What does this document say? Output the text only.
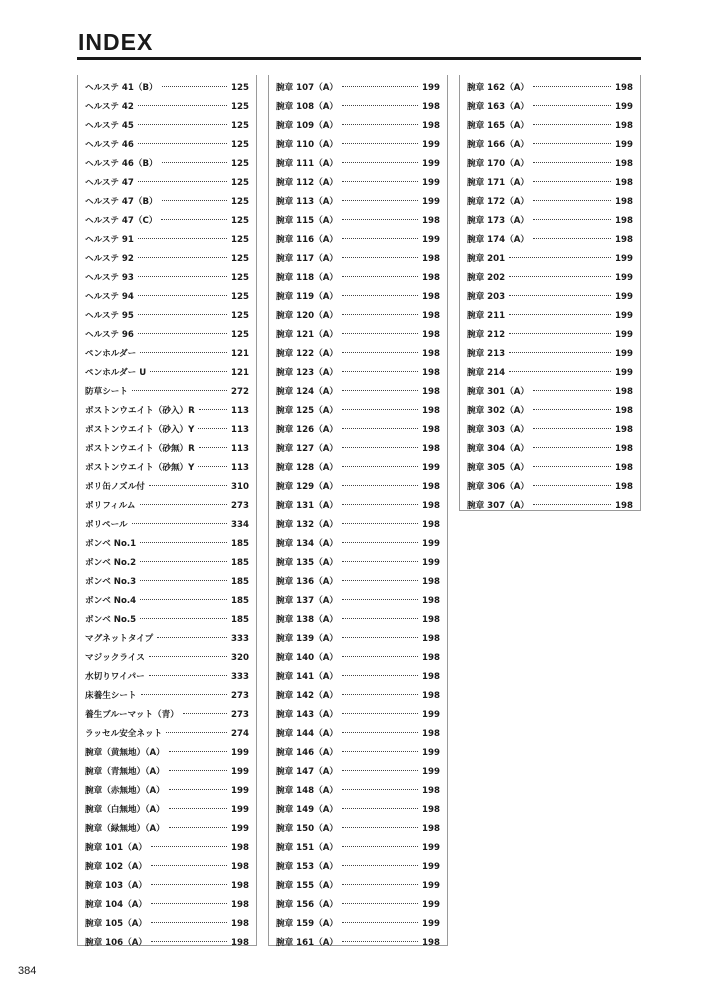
INDEX
ヘルステ 41（B）	125
ヘルステ 42	125
ヘルステ 45	125
ヘルステ 46	125
ヘルステ 46（B）	125
ヘルステ 47	125
ヘルステ 47（B）	125
ヘルステ 47（C）	125
ヘルステ 91	125
ヘルステ 92	125
ヘルステ 93	125
ヘルステ 94	125
ヘルステ 95	125
ヘルステ 96	125
ペンホルダー	121
ペンホルダー U	121
防草シート	272
ボストンウエイト（砂入）R	113
ボストンウエイト（砂入）Y	113
ボストンウエイト（砂無）R	113
ボストンウエイト（砂無）Y	113
ポリ缶ノズル付	310
ポリフィルム	273
ポリペール	334
ボンベ No.1	185
ボンベ No.2	185
ボンベ No.3	185
ボンベ No.4	185
ボンベ No.5	185
マグネットタイプ	333
マジックライス	320
水切りワイパー	333
床養生シート	273
養生ブルーマット（青）	273
ラッセル安全ネット	274
腕章（黄無地）（A）	199
腕章（青無地）（A）	199
腕章（赤無地）（A）	199
腕章（白無地）（A）	199
腕章（緑無地）（A）	199
腕章 101（A）	198
腕章 102（A）	198
腕章 103（A）	198
腕章 104（A）	198
腕章 105（A）	198
腕章 106（A）	198
腕章 107（A）	199
腕章 108（A）	198
腕章 109（A）	198
腕章 110（A）	199
腕章 111（A）	199
腕章 112（A）	199
腕章 113（A）	199
腕章 115（A）	198
腕章 116（A）	199
腕章 117（A）	198
腕章 118（A）	198
腕章 119（A）	198
腕章 120（A）	198
腕章 121（A）	198
腕章 122（A）	198
腕章 123（A）	198
腕章 124（A）	198
腕章 125（A）	198
腕章 126（A）	198
腕章 127（A）	198
腕章 128（A）	199
腕章 129（A）	198
腕章 131（A）	198
腕章 132（A）	198
腕章 134（A）	199
腕章 135（A）	199
腕章 136（A）	198
腕章 137（A）	198
腕章 138（A）	198
腕章 139（A）	198
腕章 140（A）	198
腕章 141（A）	198
腕章 142（A）	198
腕章 143（A）	199
腕章 144（A）	198
腕章 146（A）	199
腕章 147（A）	199
腕章 148（A）	198
腕章 149（A）	198
腕章 150（A）	198
腕章 151（A）	199
腕章 153（A）	199
腕章 155（A）	199
腕章 156（A）	199
腕章 159（A）	199
腕章 161（A）	198
腕章 162（A）	198
腕章 163（A）	199
腕章 165（A）	198
腕章 166（A）	199
腕章 170（A）	198
腕章 171（A）	198
腕章 172（A）	198
腕章 173（A）	198
腕章 174（A）	198
腕章 201	199
腕章 202	199
腕章 203	199
腕章 211	199
腕章 212	199
腕章 213	199
腕章 214	199
腕章 301（A）	198
腕章 302（A）	198
腕章 303（A）	198
腕章 304（A）	198
腕章 305（A）	198
腕章 306（A）	198
腕章 307（A）	198
384
